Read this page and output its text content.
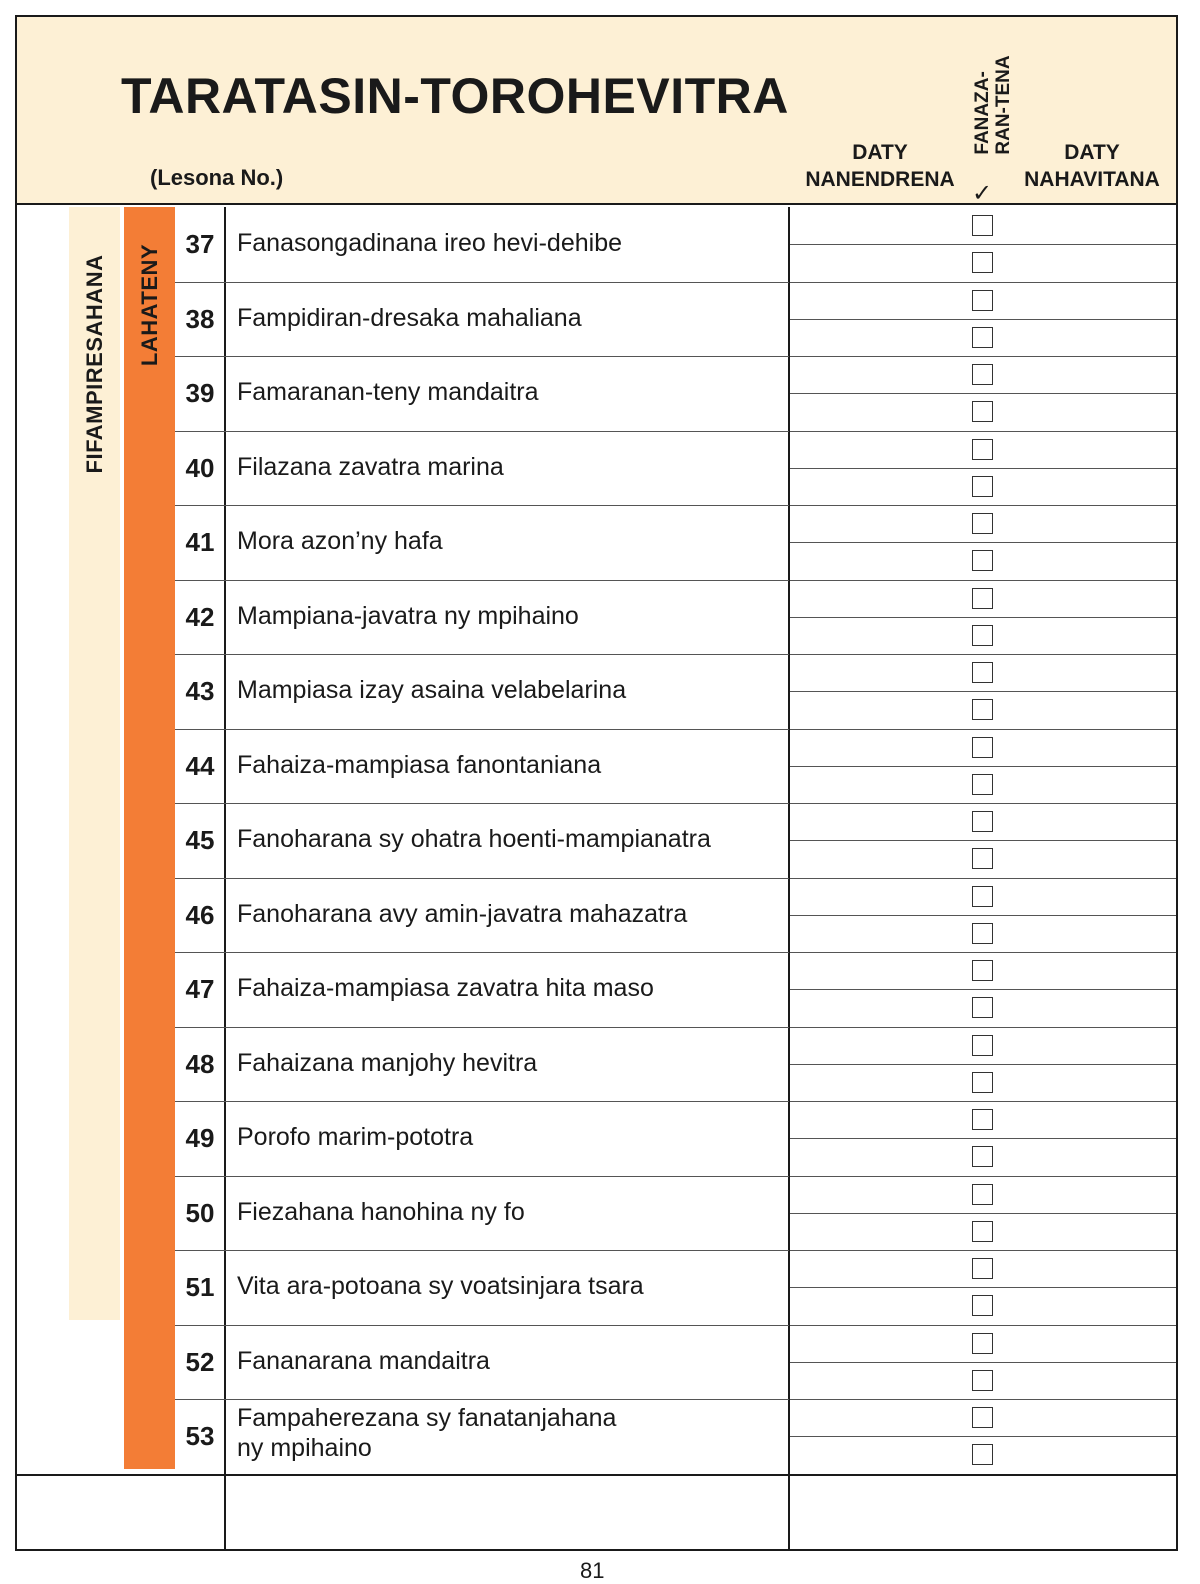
TARATASIN-TOROHEVITRA
(Lesona No.)
DATY
NANENDRENA
FANAZA- RAN-TENA
✓
DATY
NAHAVITANA
FIFAMPIRESAHANA LAHATENY 37 Fanasongadinana ireo hevi-dehibe
38 Fampidiran-dresaka mahaliana
39 Famaranan-teny mandaitra
40 Filazana zavatra marina
41 Mora azon’ny hafa
42 Mampiana-javatra ny mpihaino
43 Mampiasa izay asaina velabelarina
44 Fahaiza-mampiasa fanontaniana
45 Fanoharana sy ohatra hoenti-mampianatra
46 Fanoharana avy amin-javatra mahazatra
47 Fahaiza-mampiasa zavatra hita maso
48 Fahaizana manjohy hevitra
49 Porofo marim-pototra
50 Fiezahana hanohina ny fo
51 Vita ara-potoana sy voatsinjara tsara
52 Fananarana mandaitra
53
Fampaherezana sy fanatanjahana
ny mpihaino
81
